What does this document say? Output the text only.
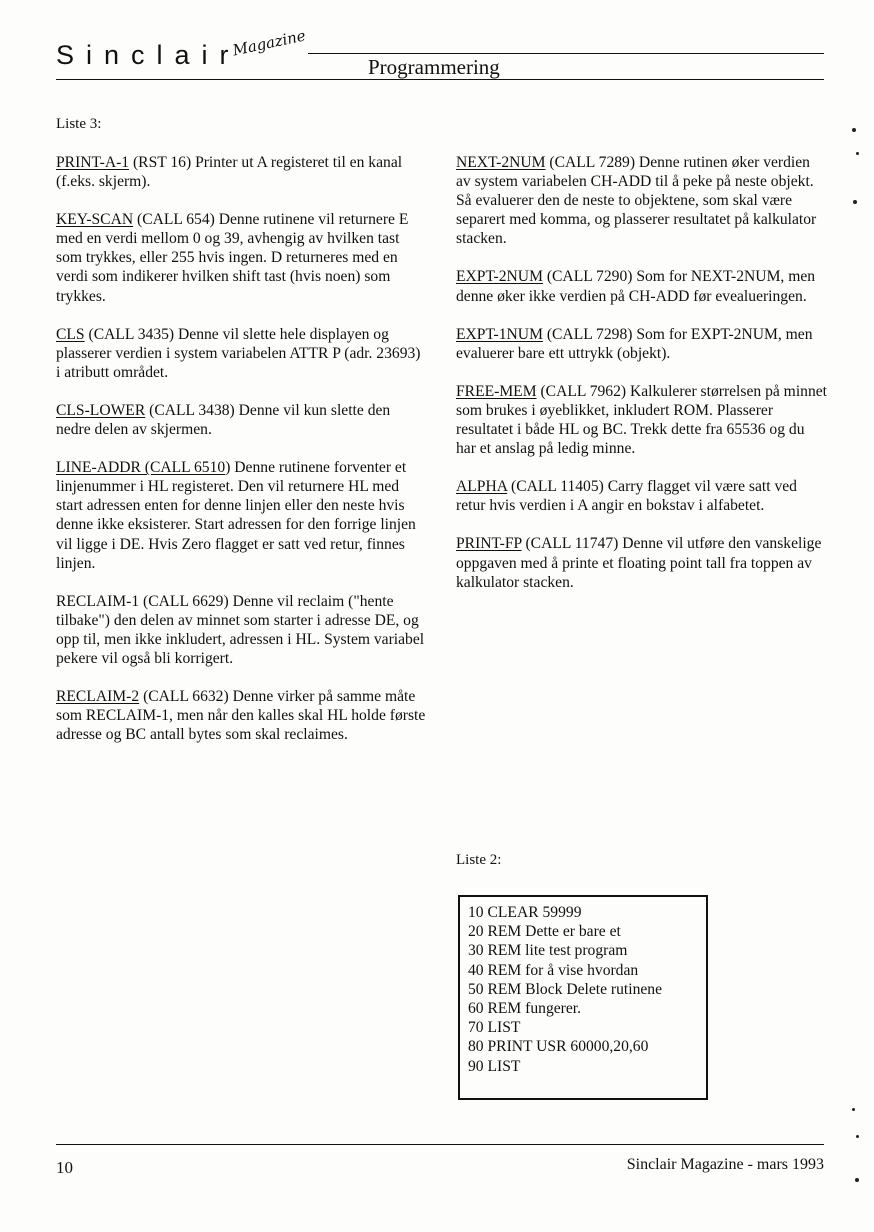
Sinclair
Magazine
Programmering
Liste 3:

PRINT-A-1 (RST 16) Printer ut A registeret til en kanal (f.eks. skjerm).

KEY-SCAN (CALL 654) Denne rutinene vil returnere E med en verdi mellom 0 og 39, avhengig av hvilken tast som trykkes, eller 255 hvis ingen. D returneres med en verdi som indikerer hvilken shift tast (hvis noen) som trykkes.

CLS (CALL 3435) Denne vil slette hele displayen og plasserer verdien i system variabelen ATTR P (adr. 23693) i atributt området.

CLS-LOWER (CALL 3438) Denne vil kun slette den nedre delen av skjermen.

LINE-ADDR (CALL 6510) Denne rutinene forventer et linjenummer i HL registeret. Den vil returnere HL med start adressen enten for denne linjen eller den neste hvis denne ikke eksisterer. Start adressen for den forrige linjen vil ligge i DE. Hvis Zero flagget er satt ved retur, finnes linjen.

RECLAIM-1 (CALL 6629) Denne vil reclaim ("hente tilbake") den delen av minnet som starter i adresse DE, og opp til, men ikke inkludert, adressen i HL. System variabel pekere vil også bli korrigert.

RECLAIM-2 (CALL 6632) Denne virker på samme måte som RECLAIM-1, men når den kalles skal HL holde første adresse og BC antall bytes som skal reclaimes.

NEXT-2NUM (CALL 7289) Denne rutinen øker verdien av system variabelen CH-ADD til å peke på neste objekt. Så evaluerer den de neste to objektene, som skal være separert med komma, og plasserer resultatet på kalkulator stacken.

EXPT-2NUM (CALL 7290) Som for NEXT-2NUM, men denne øker ikke verdien på CH-ADD før evealueringen.

EXPT-1NUM (CALL 7298) Som for EXPT-2NUM, men evaluerer bare ett uttrykk (objekt).

FREE-MEM (CALL 7962) Kalkulerer størrelsen på minnet som brukes i øyeblikket, inkludert ROM. Plasserer resultatet i både HL og BC. Trekk dette fra 65536 og du har et anslag på ledig minne.

ALPHA (CALL 11405) Carry flagget vil være satt ved retur hvis verdien i A angir en bokstav i alfabetet.

PRINT-FP (CALL 11747) Denne vil utføre den vanskelige oppgaven med å printe et floating point tall fra toppen av kalkulator stacken.

Liste 2:
10 CLEAR 59999
20 REM Dette er bare et
30 REM lite test program
40 REM for å vise hvordan
50 REM Block Delete rutinene
60 REM fungerer.
70 LIST
80 PRINT USR 60000,20,60
90 LIST
10	Sinclair Magazine - mars 1993
